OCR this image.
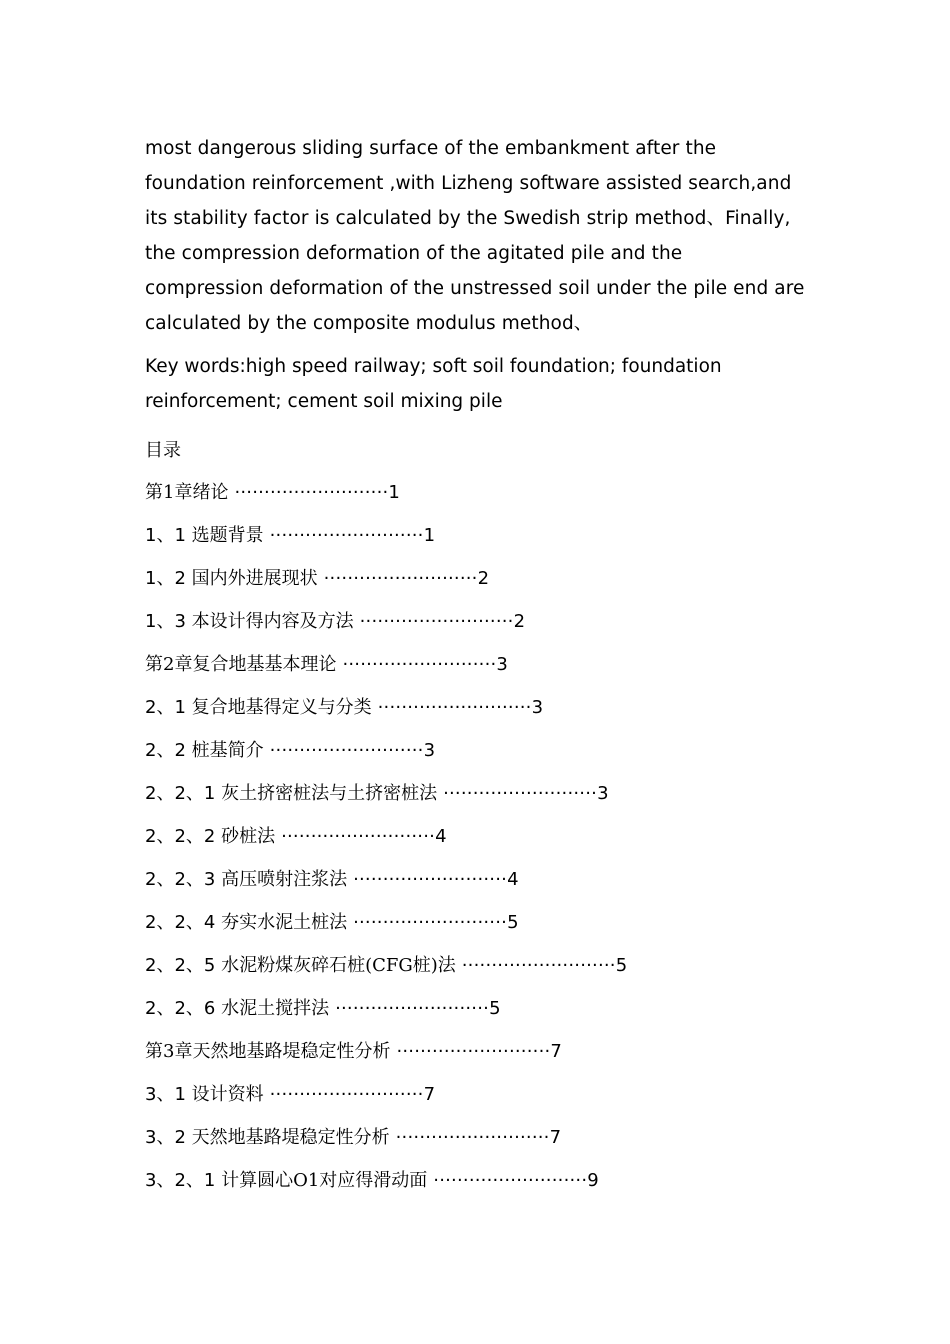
most dangerous sliding surface of the embankment after the foundation reinforcement ,with Lizheng software assisted search,and its stability factor is calculated by the Swedish strip method、Finally, the compression deformation of the agitated pile and the compression deformation of the unstressed soil under the pile end are calculated by the composite modulus method、

Key words:high speed railway; soft soil foundation; foundation reinforcement; cement soil mixing pile

目录
第1章绪论 ··························1
1、1 选题背景 ··························1
1、2 国内外进展现状 ··························2
1、3 本设计得内容及方法 ··························2
第2章复合地基基本理论 ··························3
2、1 复合地基得定义与分类 ··························3
2、2 桩基简介 ··························3
2、2、1 灰土挤密桩法与土挤密桩法 ··························3
2、2、2 砂桩法 ··························4
2、2、3 高压喷射注浆法 ··························4
2、2、4 夯实水泥土桩法 ··························5
2、2、5 水泥粉煤灰碎石桩(CFG桩)法 ··························5
2、2、6 水泥土搅拌法 ··························5
第3章天然地基路堤稳定性分析 ··························7
3、1 设计资料 ··························7
3、2 天然地基路堤稳定性分析 ··························7
3、2、1 计算圆心O1对应得滑动面 ··························9
